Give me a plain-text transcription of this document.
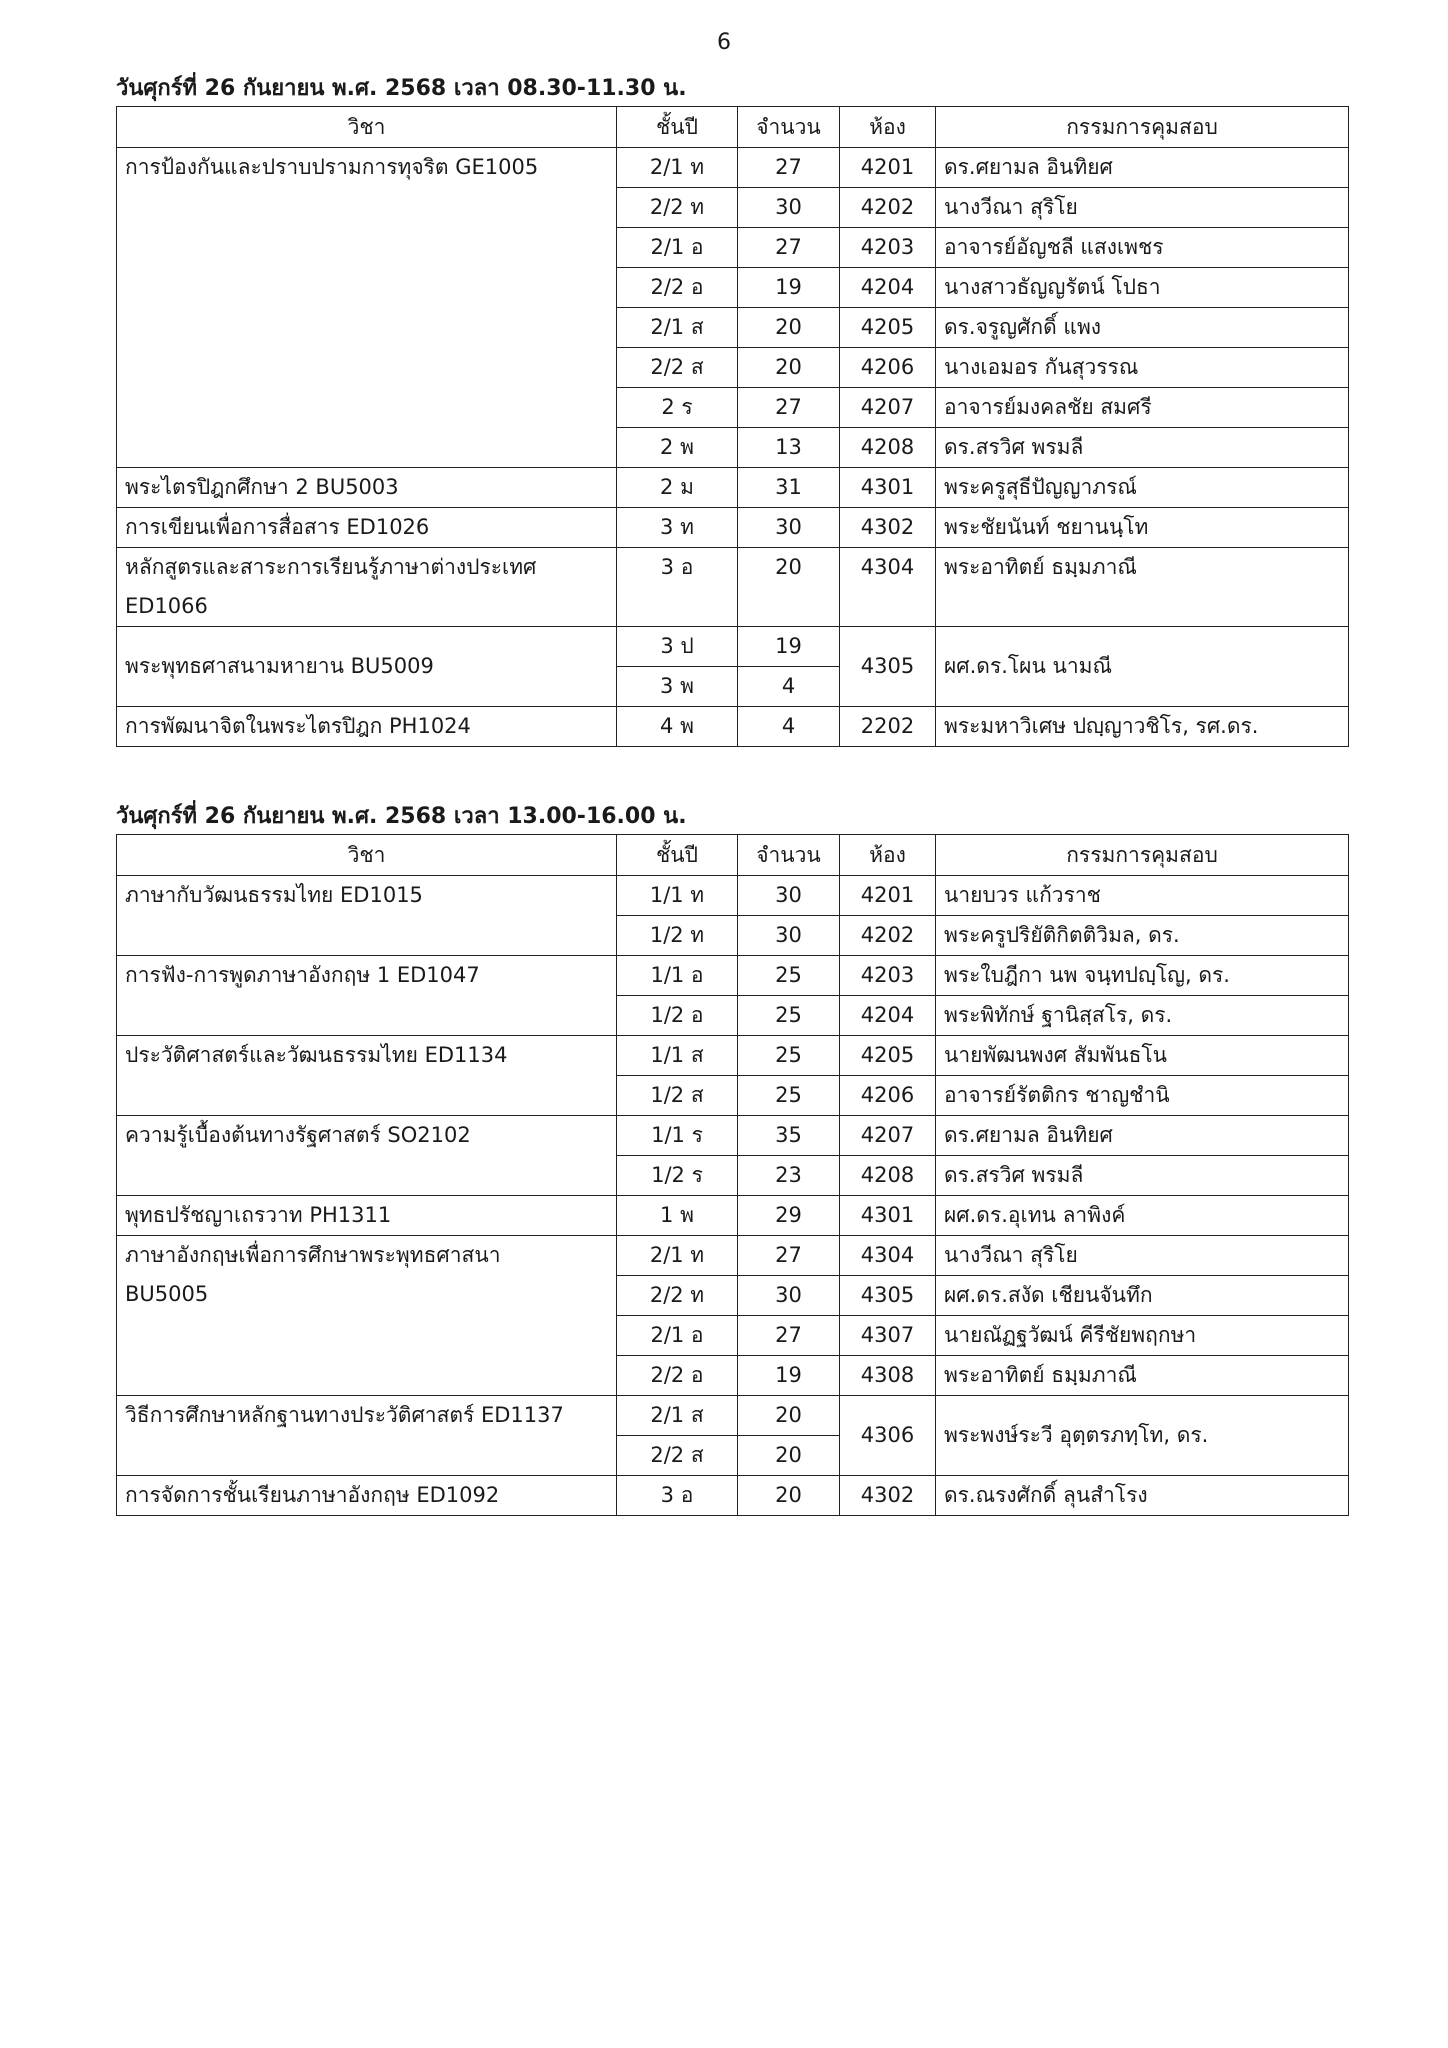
6
วันศุกร์ที่ 26 กันยายน พ.ศ. 2568 เวลา 08.30-11.30 น.
วิชา	ชั้นปี	จำนวน	ห้อง	กรรมการคุมสอบ
การป้องกันและปราบปรามการทุจริต GE1005	2/1 ท	27	4201	ดร.ศยามล อินทิยศ
	2/2 ท	30	4202	นางวีณา สุริโย
	2/1 อ	27	4203	อาจารย์อัญชลี แสงเพชร
	2/2 อ	19	4204	นางสาวธัญญรัตน์ โปธา
	2/1 ส	20	4205	ดร.จรูญศักดิ์ แพง
	2/2 ส	20	4206	นางเอมอร กันสุวรรณ
	2 ร	27	4207	อาจารย์มงคลชัย สมศรี
	2 พ	13	4208	ดร.สรวิศ พรมลี
พระไตรปิฎกศึกษา 2 BU5003	2 ม	31	4301	พระครูสุธีปัญญาภรณ์
การเขียนเพื่อการสื่อสาร ED1026	3 ท	30	4302	พระชัยนันท์ ชยานนฺโท

หลักสูตรและสาระการเรียนรู้ภาษาต่างประเทศ
ED1066	3 อ	20	4304	พระอาทิตย์ ธมฺมภาณี
พระพุทธศาสนามหายาน BU5009	3 ป	19	4305	ผศ.ดร.โผน นามณี
	3 พ	4		
การพัฒนาจิตในพระไตรปิฎก PH1024	4 พ	4	2202	พระมหาวิเศษ ปญฺญาวชิโร, รศ.ดร.
วันศุกร์ที่ 26 กันยายน พ.ศ. 2568 เวลา 13.00-16.00 น.
วิชา	ชั้นปี	จำนวน	ห้อง	กรรมการคุมสอบ
ภาษากับวัฒนธรรมไทย ED1015	1/1 ท	30	4201	นายบวร แก้วราช
	1/2 ท	30	4202	พระครูปริยัติกิตติวิมล, ดร.
การฟัง-การพูดภาษาอังกฤษ 1 ED1047	1/1 อ	25	4203	พระใบฎีกา นพ จนฺทปญฺโญ, ดร.
	1/2 อ	25	4204	พระพิทักษ์ ฐานิสฺสโร, ดร.
ประวัติศาสตร์และวัฒนธรรมไทย ED1134	1/1 ส	25	4205	นายพัฒนพงศ สัมพันธโน
	1/2 ส	25	4206	อาจารย์รัตติกร ชาญชำนิ
ความรู้เบื้องต้นทางรัฐศาสตร์ SO2102	1/1 ร	35	4207	ดร.ศยามล อินทิยศ
	1/2 ร	23	4208	ดร.สรวิศ พรมลี
พุทธปรัชญาเถรวาท PH1311	1 พ	29	4301	ผศ.ดร.อุเทน ลาพิงค์

ภาษาอังกฤษเพื่อการศึกษาพระพุทธศาสนา
BU5005	2/1 ท	27	4304	นางวีณา สุริโย
	2/2 ท	30	4305	ผศ.ดร.สงัด เชียนจันทึก
	2/1 อ	27	4307	นายณัฏฐวัฒน์ คีรีชัยพฤกษา
	2/2 อ	19	4308	พระอาทิตย์ ธมฺมภาณี
วิธีการศึกษาหลักฐานทางประวัติศาสตร์ ED1137	2/1 ส	20	4306	พระพงษ์ระวี อุตฺตรภทฺโท, ดร.
	2/2 ส	20		
การจัดการชั้นเรียนภาษาอังกฤษ ED1092	3 อ	20	4302	ดร.ณรงศักดิ์ ลุนสำโรง
